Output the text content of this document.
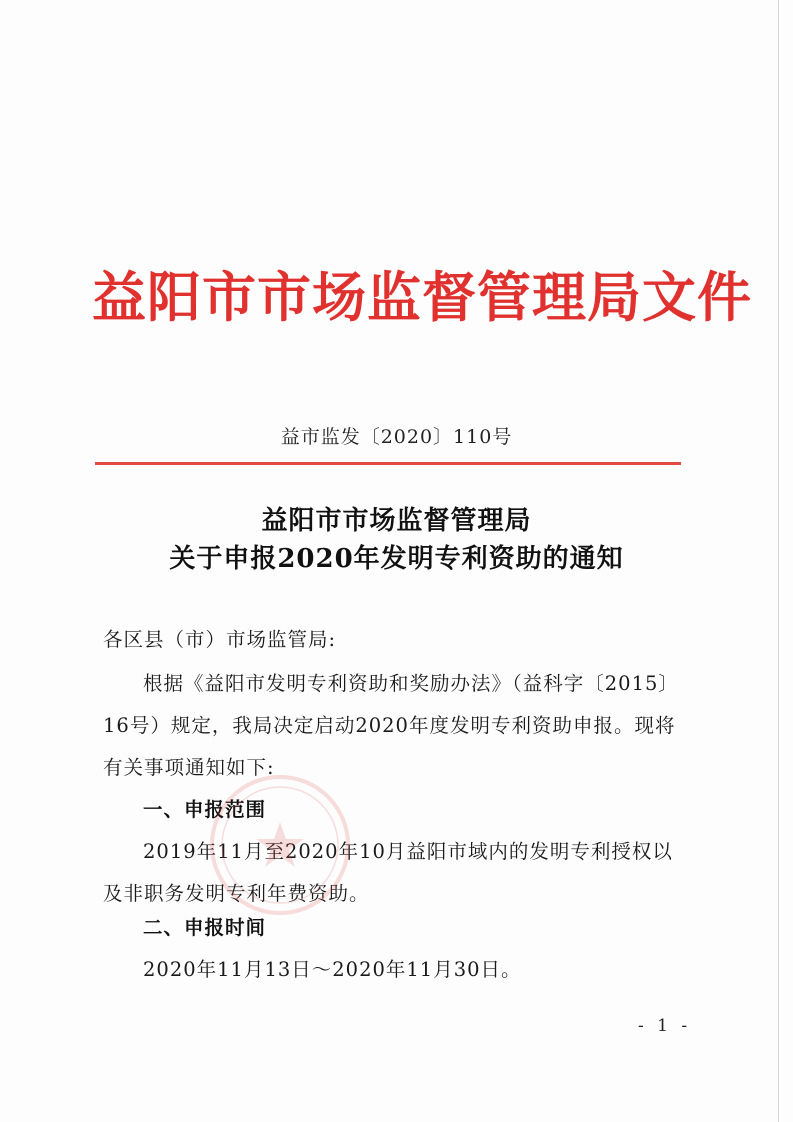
益阳市市场监督管理局文件
益市监发〔2020〕110号
益阳市市场监督管理局
关于申报2020年发明专利资助的通知
各区县（市）市场监管局:
根据《益阳市发明专利资助和奖励办法》（益科字〔2015〕
16号）规定，我局决定启动2020年度发明专利资助申报。现将
有关事项通知如下:
一、申报范围
2019年11月至2020年10月益阳市域内的发明专利授权以
及非职务发明专利年费资助。
二、申报时间
2020年11月13日～2020年11月30日。
- 1 -
